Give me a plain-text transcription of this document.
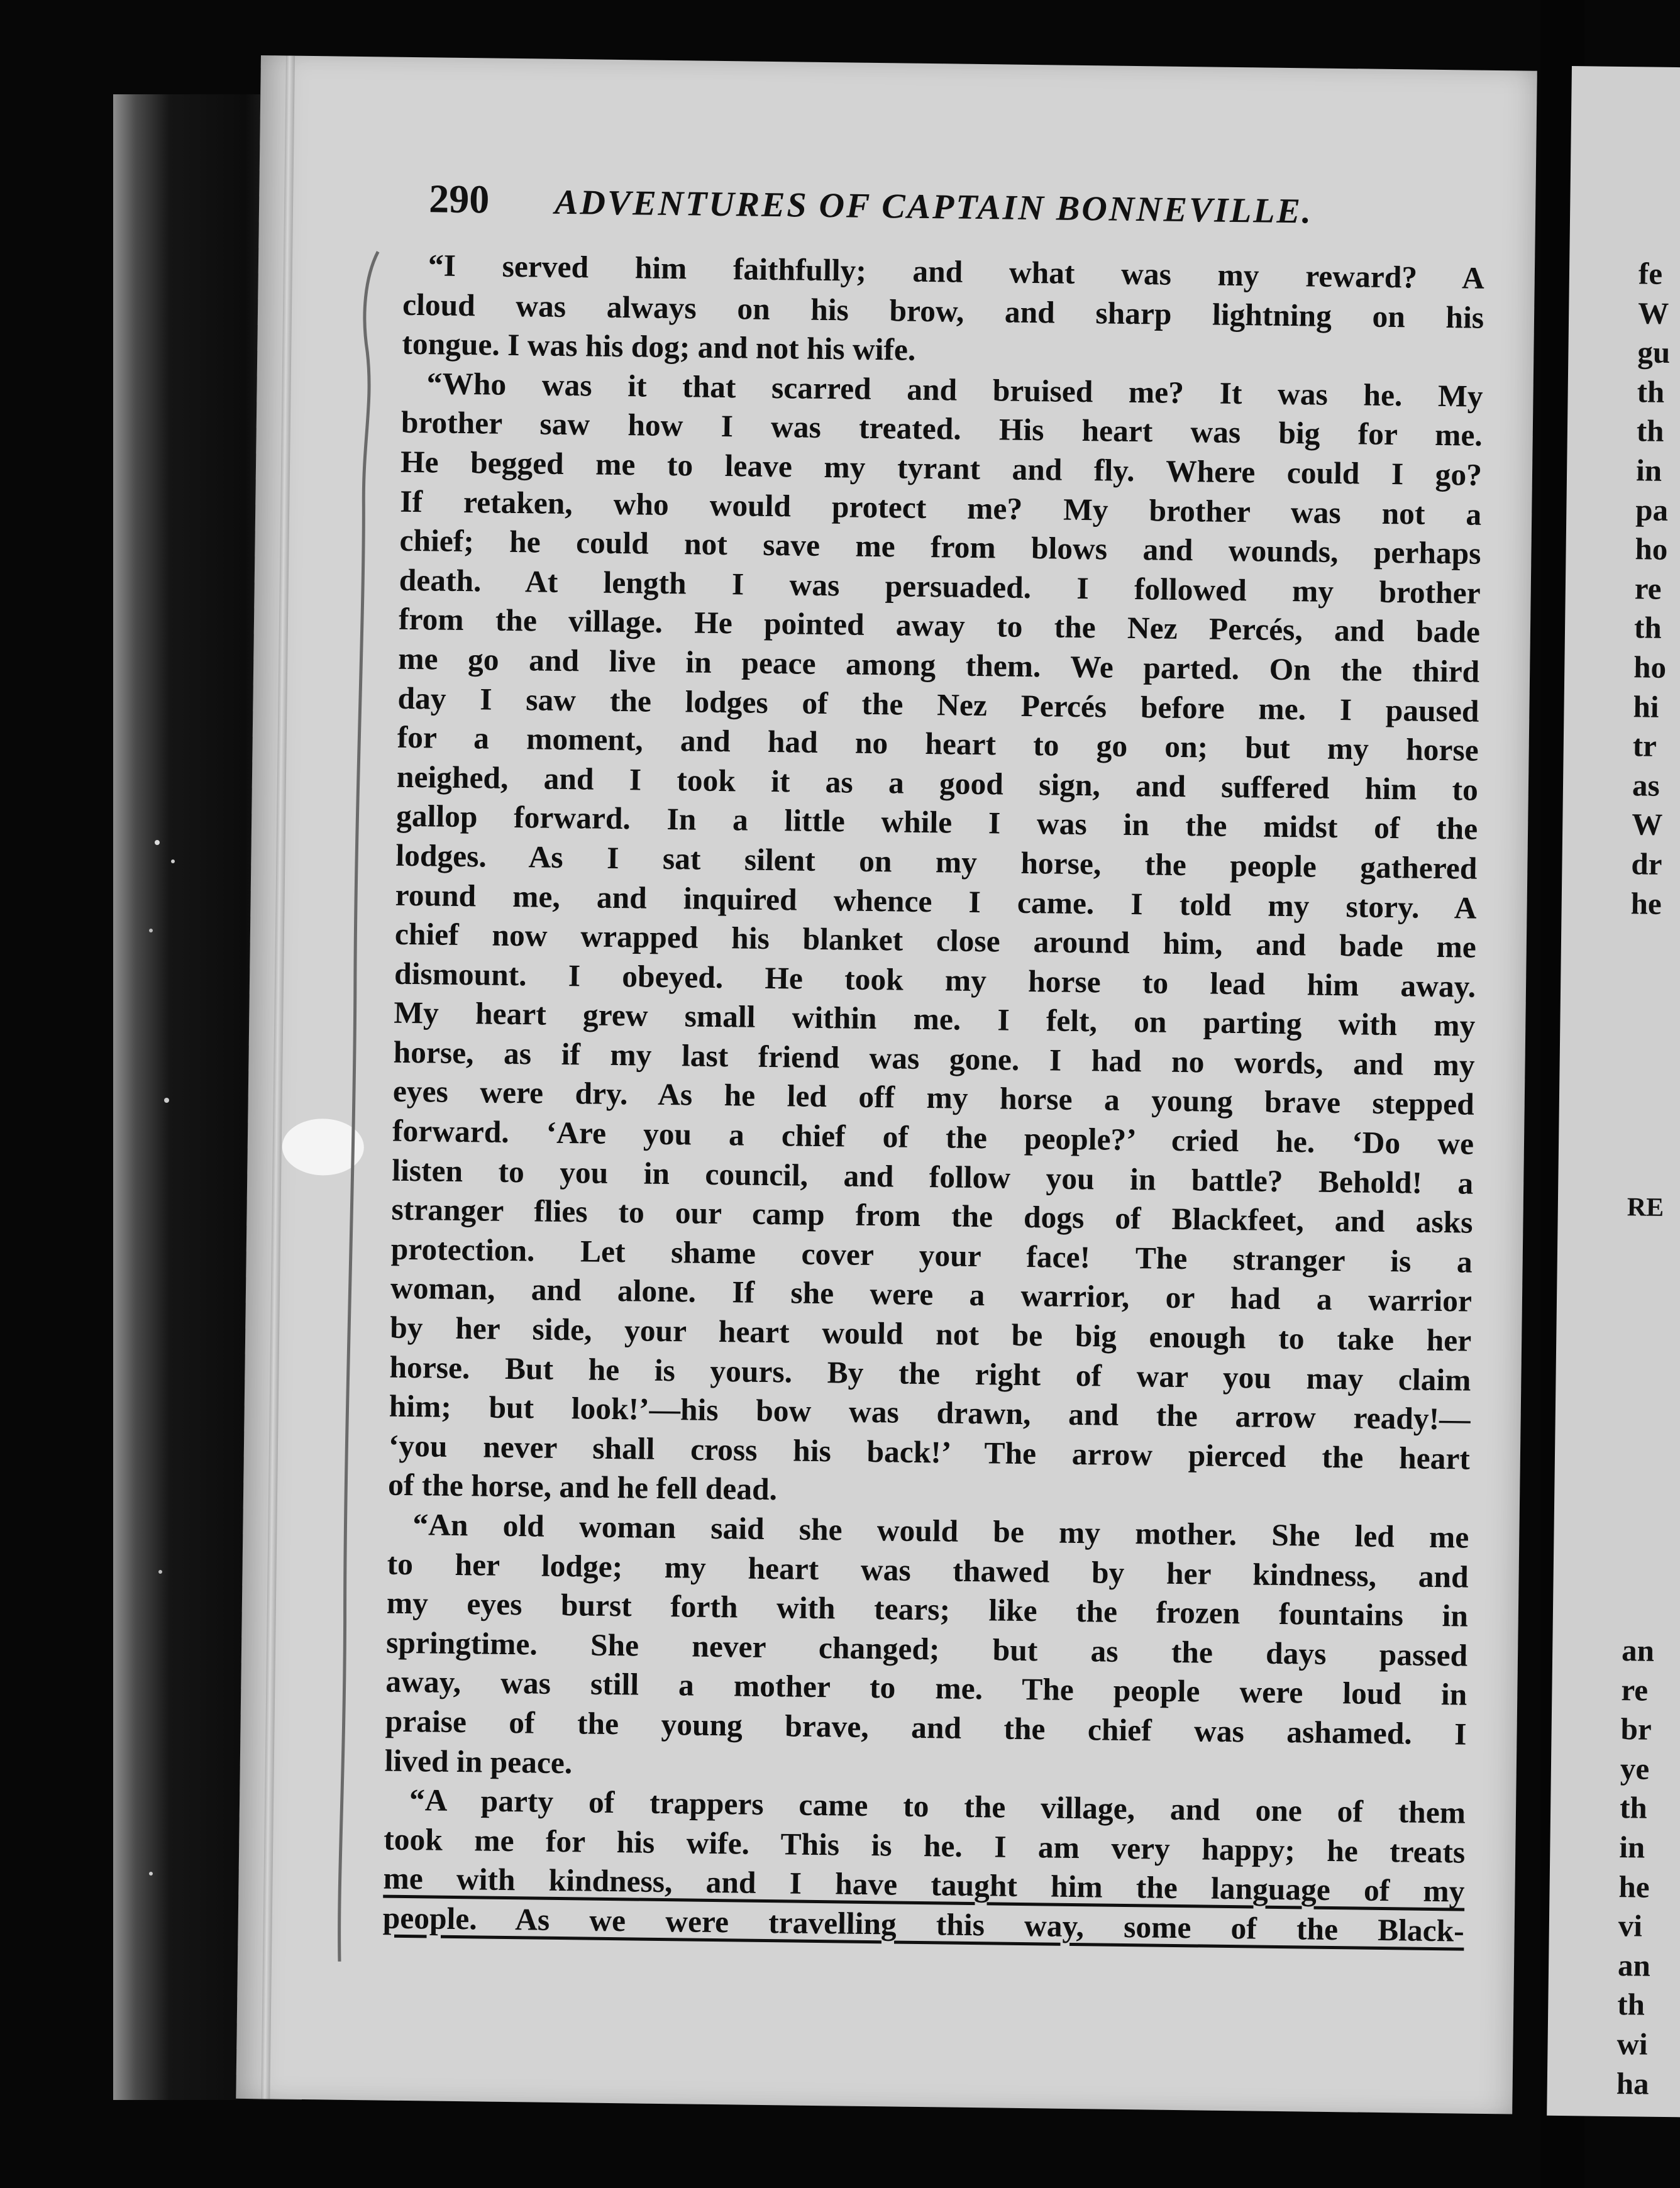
fe
W
gu
th
th
in
pa
ho
re
th
ho
hi
tr
as
W
dr
he
an
re
br
ye
th
in
he
vi
an
th
wi
ha
RE
290 ADVENTURES OF CAPTAIN BONNEVILLE.
“I served him faithfully; and what was my reward? A
cloud was always on his brow, and sharp lightning on his
tongue. I was his dog; and not his wife.
“Who was it that scarred and bruised me? It was he. My
brother saw how I was treated. His heart was big for me.
He begged me to leave my tyrant and fly. Where could I go?
If retaken, who would protect me? My brother was not a
chief; he could not save me from blows and wounds, perhaps
death. At length I was persuaded. I followed my brother
from the village. He pointed away to the Nez Percés, and bade
me go and live in peace among them. We parted. On the third
day I saw the lodges of the Nez Percés before me. I paused
for a moment, and had no heart to go on; but my horse
neighed, and I took it as a good sign, and suffered him to
gallop forward. In a little while I was in the midst of the
lodges. As I sat silent on my horse, the people gathered
round me, and inquired whence I came. I told my story. A
chief now wrapped his blanket close around him, and bade me
dismount. I obeyed. He took my horse to lead him away.
My heart grew small within me. I felt, on parting with my
horse, as if my last friend was gone. I had no words, and my
eyes were dry. As he led off my horse a young brave stepped
forward. ‘Are you a chief of the people?’ cried he. ‘Do we
listen to you in council, and follow you in battle? Behold! a
stranger flies to our camp from the dogs of Blackfeet, and asks
protection. Let shame cover your face! The stranger is a
woman, and alone. If she were a warrior, or had a warrior
by her side, your heart would not be big enough to take her
horse. But he is yours. By the right of war you may claim
him; but look!’—his bow was drawn, and the arrow ready!—
‘you never shall cross his back!’ The arrow pierced the heart
of the horse, and he fell dead.
“An old woman said she would be my mother. She led me
to her lodge; my heart was thawed by her kindness, and
my eyes burst forth with tears; like the frozen fountains in
springtime. She never changed; but as the days passed
away, was still a mother to me. The people were loud in
praise of the young brave, and the chief was ashamed. I
lived in peace.
“A party of trappers came to the village, and one of them
took me for his wife. This is he. I am very happy; he treats
me with kindness, and I have taught him the language of my
people. As we were travelling this way, some of the Black-
